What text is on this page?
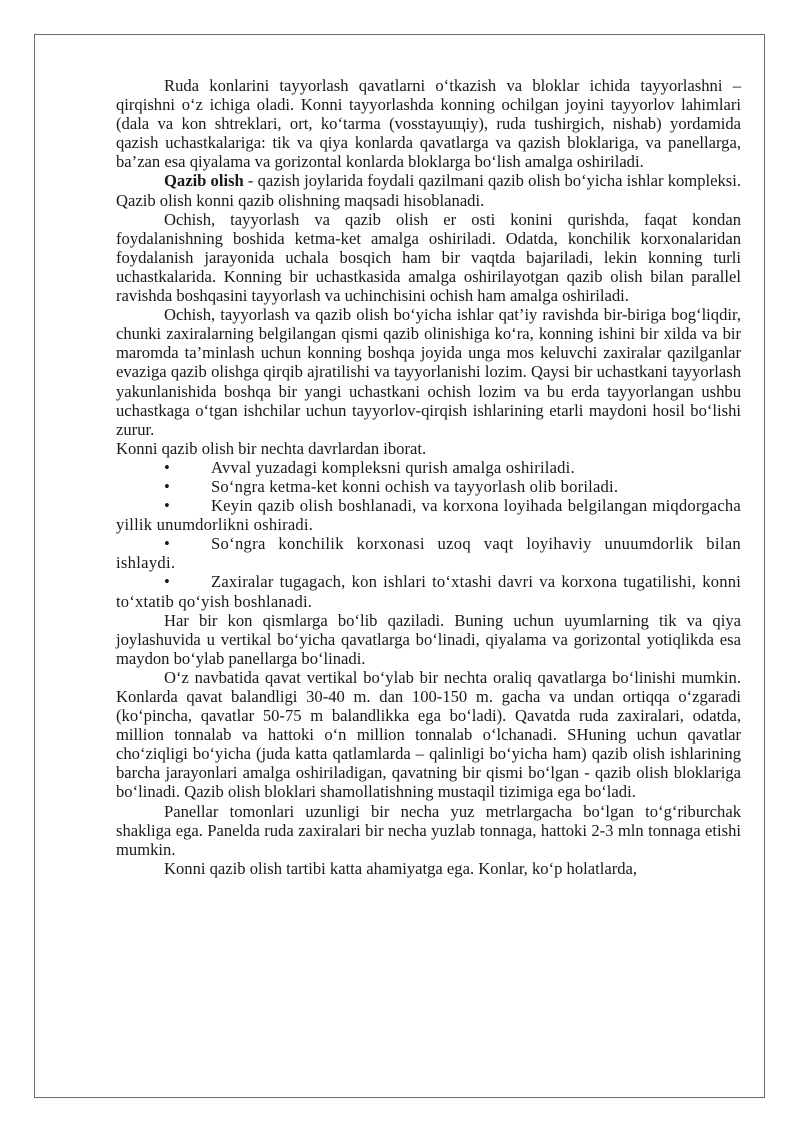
Ruda konlarini tayyorlash qavatlarni o‘tkazish va bloklar ichida tayyorlashni – qirqishni o‘z ichiga oladi. Konni tayyorlashda konning ochilgan joyini tayyorlov lahimlari (dala va kon shtreklari, ort, ko‘tarma (vosstayuщiy), ruda tushirgich, nishab) yordamida qazish uchastkalariga: tik va qiya konlarda qavatlarga va qazish bloklariga, va panellarga, ba’zan esa qiyalama va gorizontal konlarda bloklarga bo‘lish amalga oshiriladi.

Qazib olish - qazish joylarida foydali qazilmani qazib olish bo‘yicha ishlar kompleksi. Qazib olish konni qazib olishning maqsadi hisoblanadi.

Ochish, tayyorlash va qazib olish er osti konini qurishda, faqat kondan foydalanishning boshida ketma-ket amalga oshiriladi. Odatda, konchilik korxonalaridan foydalanish jarayonida uchala bosqich ham bir vaqtda bajariladi, lekin konning turli uchastkalarida. Konning bir uchastkasida amalga oshirilayotgan qazib olish bilan parallel ravishda boshqasini tayyorlash va uchinchisini ochish ham amalga oshiriladi.

Ochish, tayyorlash va qazib olish bo‘yicha ishlar qat’iy ravishda bir-biriga bog‘liqdir, chunki zaxiralarning belgilangan qismi qazib olinishiga ko‘ra, konning ishini bir xilda va bir maromda ta’minlash uchun konning boshqa joyida unga mos keluvchi zaxiralar qazilganlar evaziga qazib olishga qirqib ajratilishi va tayyorlanishi lozim. Qaysi bir uchastkani tayyorlash yakunlanishida boshqa bir yangi uchastkani ochish lozim va bu erda tayyorlangan ushbu uchastkaga o‘tgan ishchilar uchun tayyorlov-qirqish ishlarining etarli maydoni hosil bo‘lishi zurur.

Konni qazib olish bir nechta davrlardan iborat.

• Avval yuzadagi kompleksni qurish amalga oshiriladi.

• So‘ngra ketma-ket konni ochish va tayyorlash olib boriladi.

• Keyin qazib olish boshlanadi, va korxona loyihada belgilangan miqdorgacha yillik unumdorlikni oshiradi.

• So‘ngra konchilik korxonasi uzoq vaqt loyihaviy unuumdorlik bilan ishlaydi.

• Zaxiralar tugagach, kon ishlari to‘xtashi davri va korxona tugatilishi, konni to‘xtatib qo‘yish boshlanadi.

Har bir kon qismlarga bo‘lib qaziladi. Buning uchun uyumlarning tik va qiya joylashuvida u vertikal bo‘yicha qavatlarga bo‘linadi, qiyalama va gorizontal yotiqlikda esa maydon bo‘ylab panellarga bo‘linadi.

O‘z navbatida qavat vertikal bo‘ylab bir nechta oraliq qavatlarga bo‘linishi mumkin. Konlarda qavat balandligi 30-40 m. dan 100-150 m. gacha va undan ortiqqa o‘zgaradi (ko‘pincha, qavatlar 50-75 m balandlikka ega bo‘ladi). Qavatda ruda zaxiralari, odatda, million tonnalab va hattoki o‘n million tonnalab o‘lchanadi. SHuning uchun qavatlar cho‘ziqligi bo‘yicha (juda katta qatlamlarda – qalinligi bo‘yicha ham) qazib olish ishlarining barcha jarayonlari amalga oshiriladigan, qavatning bir qismi bo‘lgan - qazib olish bloklariga bo‘linadi. Qazib olish bloklari shamollatishning mustaqil tizimiga ega bo‘ladi.

Panellar tomonlari uzunligi bir necha yuz metrlargacha bo‘lgan to‘g‘riburchak shakliga ega. Panelda ruda zaxiralari bir necha yuzlab tonnaga, hattoki 2-3 mln tonnaga etishi mumkin.

Konni qazib olish tartibi katta ahamiyatga ega. Konlar, ko‘p holatlarda,
